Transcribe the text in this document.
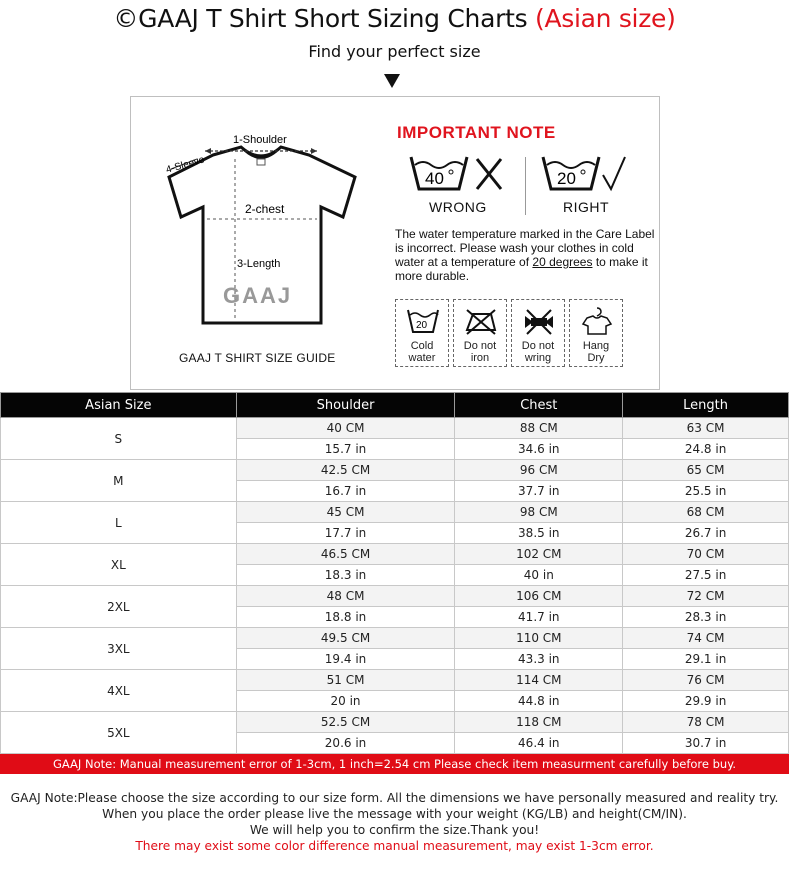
©GAAJ T Shirt Short Sizing Charts (Asian size)
Find your perfect size
1-Shoulder
4-Sleeve
2-chest
3-Length
GAAJ
GAAJ T SHIRT SIZE GUIDE
IMPORTANT NOTE
40	20
WRONG	RIGHT
The water temperature marked in the Care Label is incorrect. Please wash your clothes in cold water at a temperature of 20 degrees to make it more durable.
20
Cold
water
Do not
iron
Do not
wring
Hang
Dry
Asian Size	Shoulder	Chest	Length
S	40 CM	88 CM	63 CM
	15.7 in	34.6 in	24.8 in
M	42.5 CM	96 CM	65 CM
	16.7 in	37.7 in	25.5 in
L	45 CM	98 CM	68 CM
	17.7 in	38.5 in	26.7 in
XL	46.5 CM	102 CM	70 CM
	18.3 in	40 in	27.5 in
2XL	48 CM	106 CM	72 CM
	18.8 in	41.7 in	28.3 in
3XL	49.5 CM	110 CM	74 CM
	19.4 in	43.3 in	29.1 in
4XL	51 CM	114 CM	76 CM
	20 in	44.8 in	29.9 in
5XL	52.5 CM	118 CM	78 CM
	20.6 in	46.4 in	30.7 in
GAAJ Note: Manual measurement error of 1-3cm, 1 inch=2.54 cm Please check item measurment carefully before buy.
GAAJ Note:Please choose the size according to our size form. All the dimensions we have personally measured and reality try.
When you place the order please live the message with your weight (KG/LB) and height(CM/IN).
We will help you to confirm the size.Thank you!
There may exist some color difference manual measurement, may exist 1-3cm error.
